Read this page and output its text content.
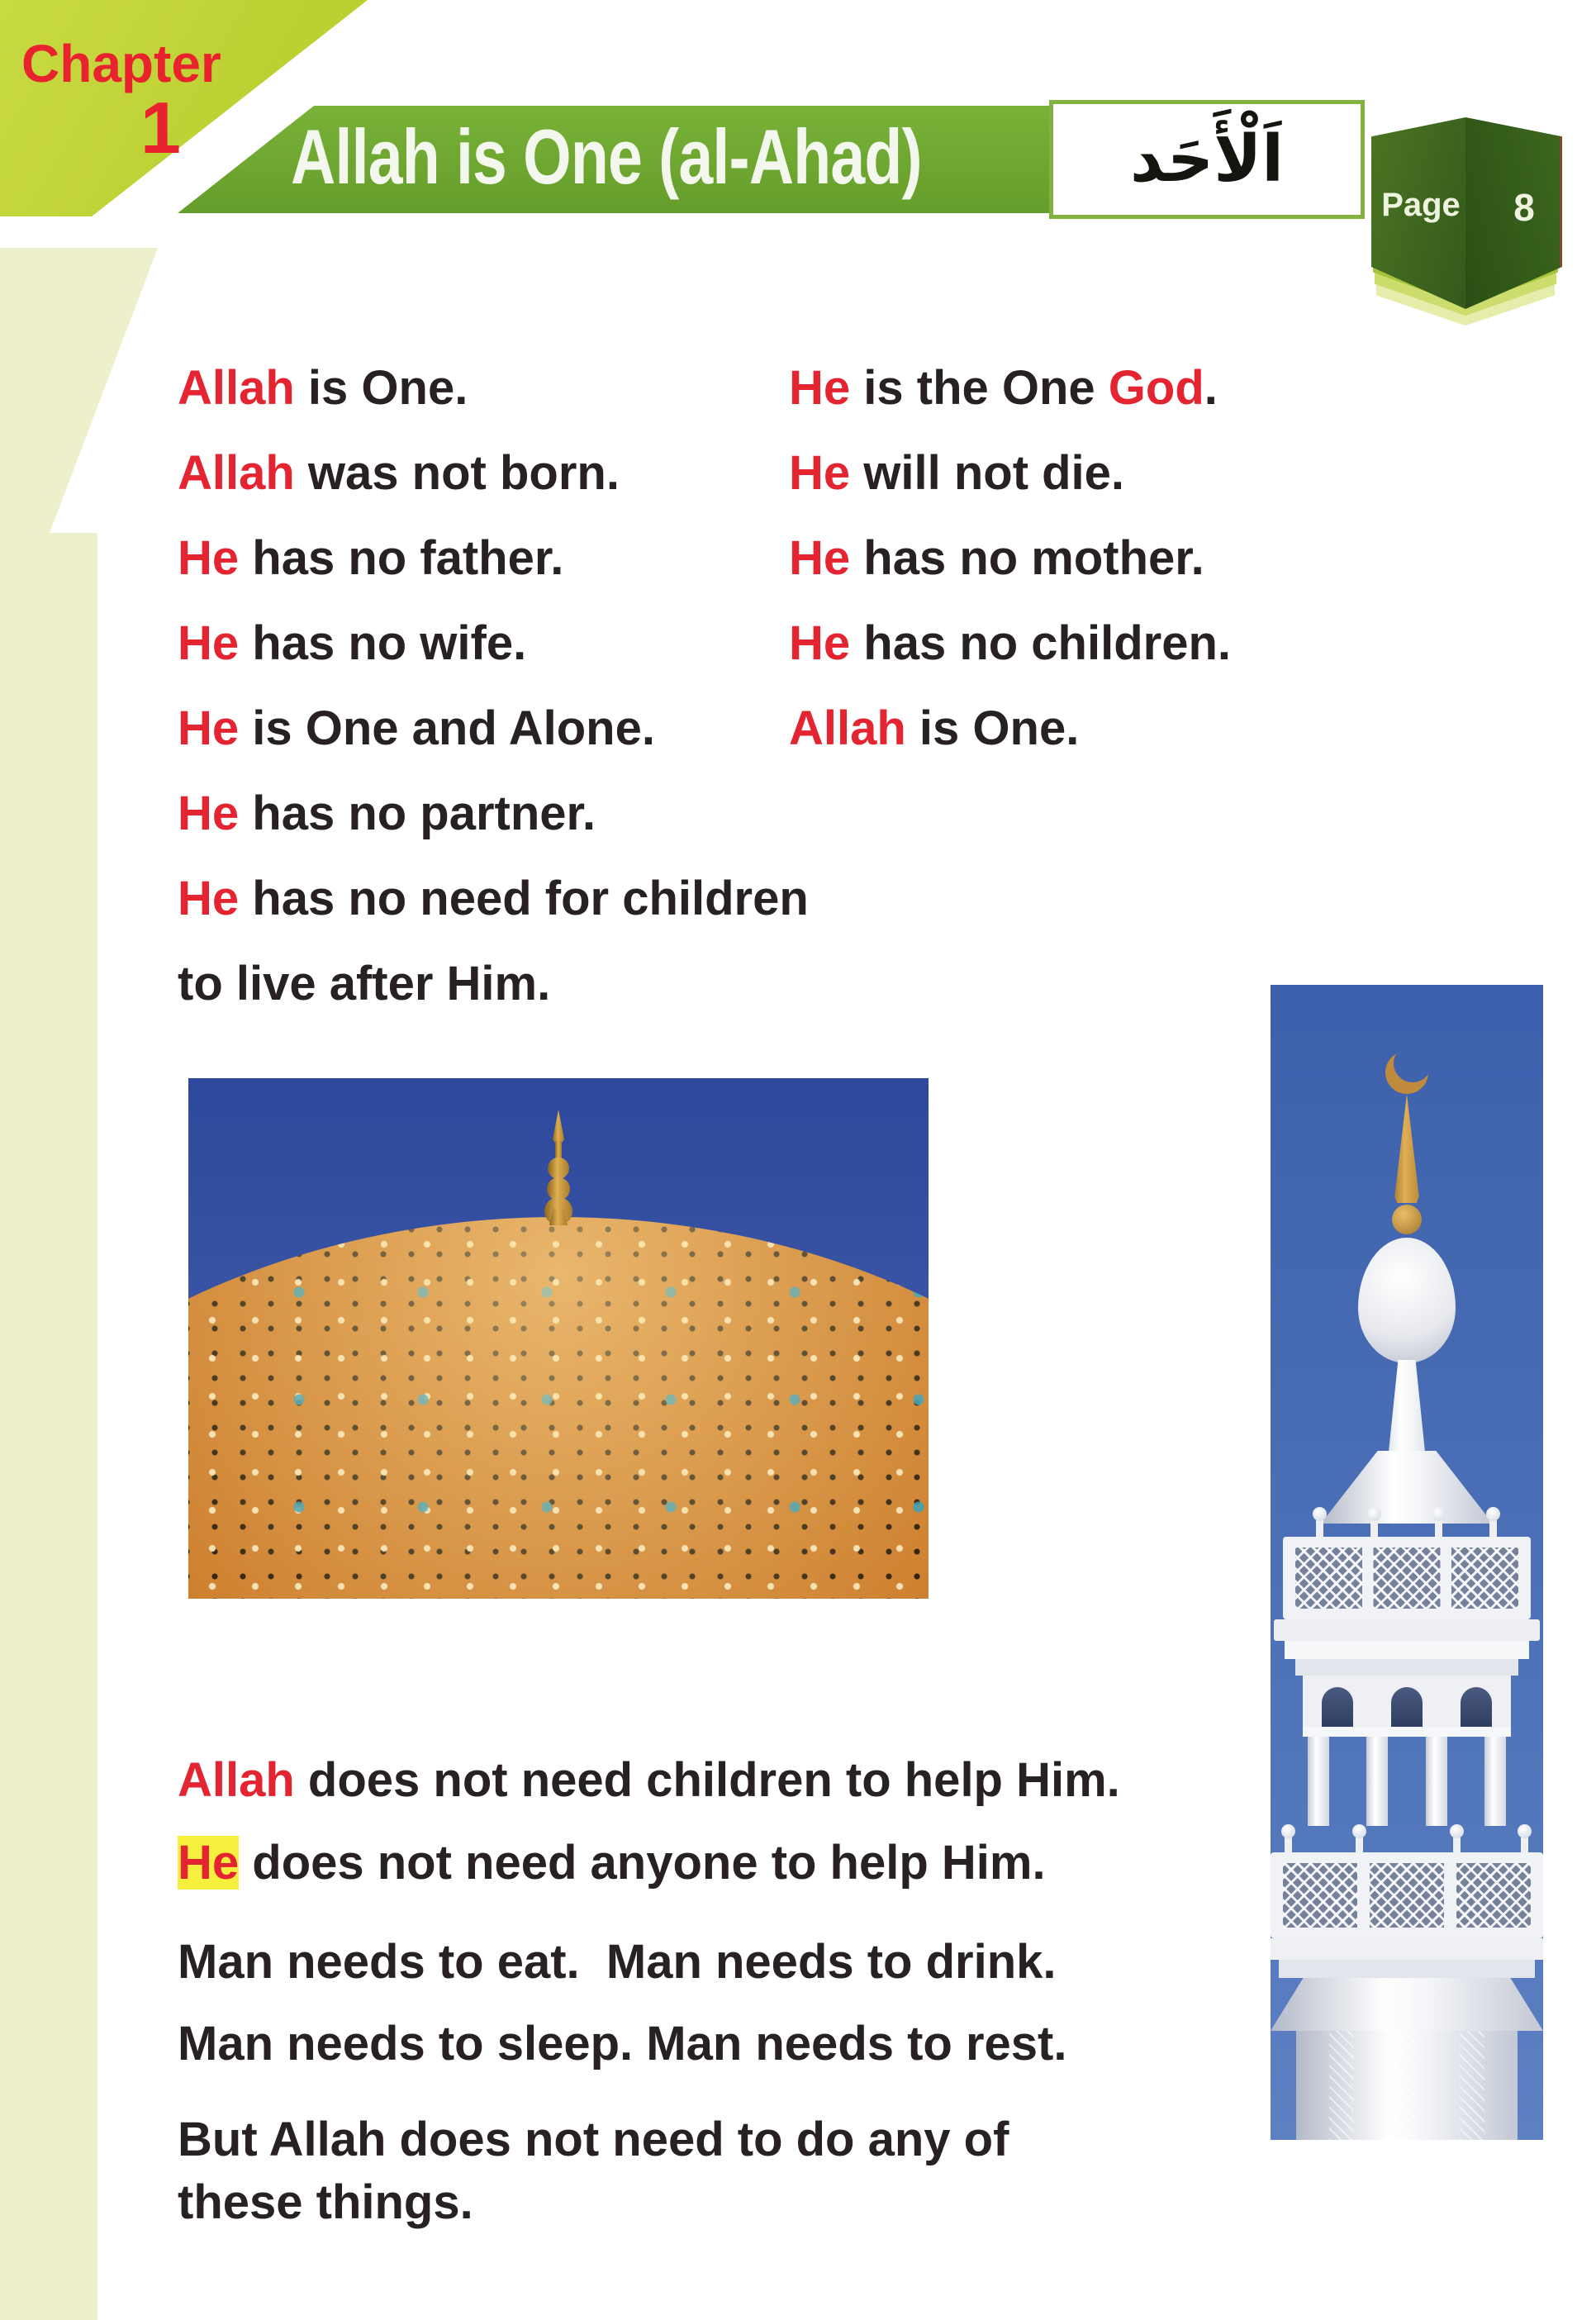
Chapter
1 Allah is One (al-Ahad)	اَلْأَحَد
Page	8

Allah is One.

Allah was not born.

He has no father.

He has no wife.

He is One and Alone.

He has no partner.

He has no need for children

to live after Him.

He is the One God.

He will not die.

He has no mother.

He has no children.

Allah is One.

Allah does not need children to help Him.

He does not need anyone to help Him.

Man needs to eat.  Man needs to drink.

Man needs to sleep. Man needs to rest.

But Allah does not need to do any of

these things.
